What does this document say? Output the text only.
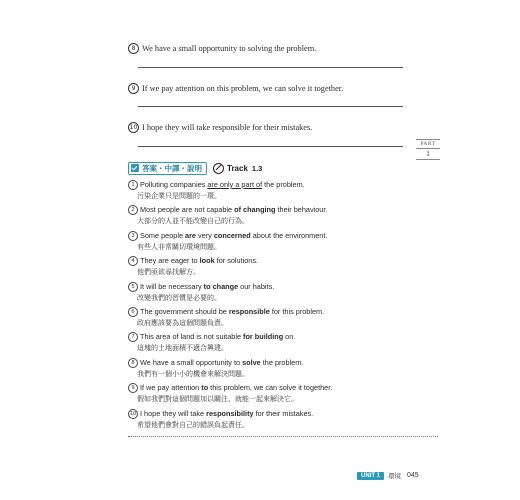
8 We have a small opportunity to solving the problem.
9 If we pay attention on this problem, we can solve it together.
10 I hope they will take responsible for their mistakes.
PART
1
答案・中譯・說明	Track 1.3
1 Polluting companies are only a part of the problem.
污染企業只是問題的一環。
2 Most people are not capable of changing their behaviour.
大部分的人並不能改變自己的行為。
3 Some people are very concerned about the environment.
有些人非常關切環境問題。
4 They are eager to look for solutions.
他們亟欲尋找解方。
5 It will be necessary to change our habits.
改變我們的習慣是必要的。
6 The government should be responsible for this problem.
政府應該要為這個問題負責。
7 This area of land is not suitable for building on.
這塊的土地面積不適合興建。
8 We have a small opportunity to solve the problem.
我們有一個小小的機會來解決問題。
9 If we pay attention to this problem, we can solve it together.
假如我們對這個問題加以關注，就能一起來解決它。
10 I hope they will take responsibility for their mistakes.
希望他們會對自己的錯誤負起責任。
UNIT 1	環境 045
